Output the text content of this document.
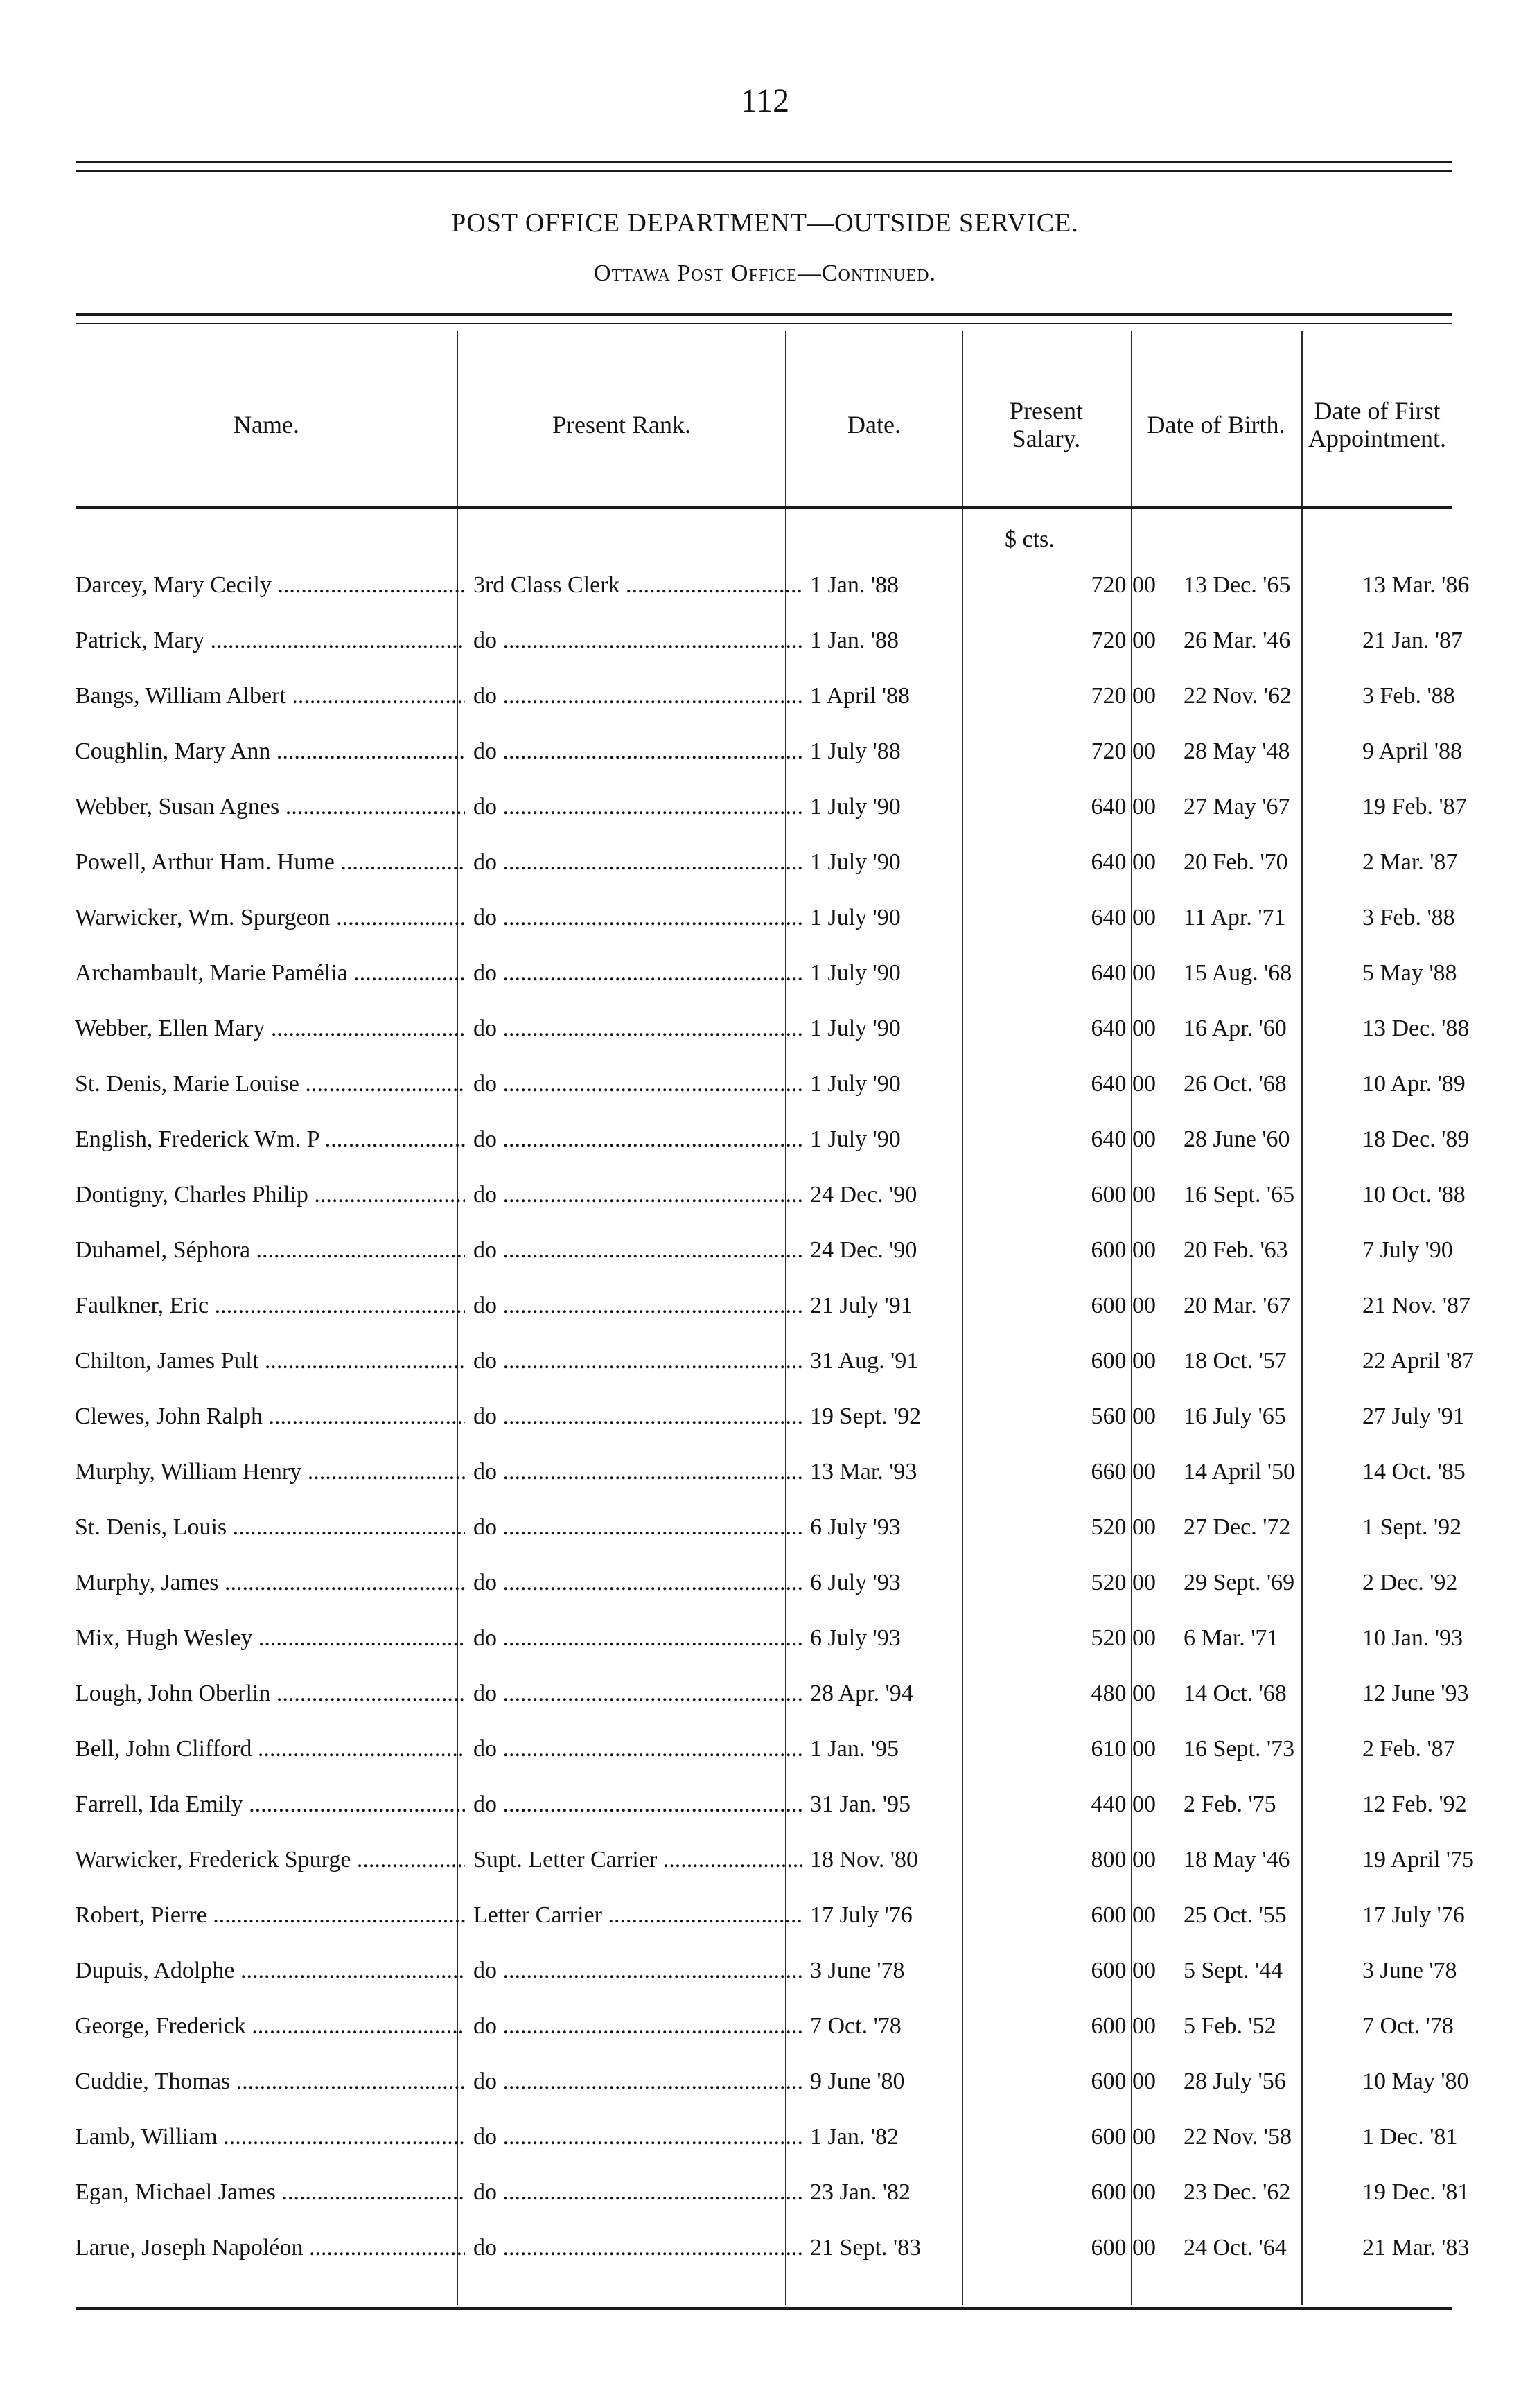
112
POST OFFICE DEPARTMENT—OUTSIDE SERVICE.
Ottawa Post Office—Continued.
Name.	Present Rank.	Date.	Present Salary.	Date of Birth.	Date of First Appointment.
$ cts.
Darcey, Mary Cecily .....	3rd Class Clerk .....	1 Jan. '88	720 00	13 Dec. '65	13 Mar. '86
Patrick, Mary .....	do .....	1 Jan. '88	720 00	26 Mar. '46	21 Jan. '87
Bangs, William Albert .....	do .....	1 April '88	720 00	22 Nov. '62	3 Feb. '88
Coughlin, Mary Ann .....	do .....	1 July '88	720 00	28 May '48	9 April '88
Webber, Susan Agnes .....	do .....	1 July '90	640 00	27 May '67	19 Feb. '87
Powell, Arthur Ham. Hume .....	do .....	1 July '90	640 00	20 Feb. '70	2 Mar. '87
Warwicker, Wm. Spurgeon .....	do .....	1 July '90	640 00	11 Apr. '71	3 Feb. '88
Archambault, Marie Pamélia .....	do .....	1 July '90	640 00	15 Aug. '68	5 May '88
Webber, Ellen Mary .....	do .....	1 July '90	640 00	16 Apr. '60	13 Dec. '88
St. Denis, Marie Louise .....	do .....	1 July '90	640 00	26 Oct. '68	10 Apr. '89
English, Frederick Wm. P .....	do .....	1 July '90	640 00	28 June '60	18 Dec. '89
Dontigny, Charles Philip .....	do .....	24 Dec. '90	600 00	16 Sept. '65	10 Oct. '88
Duhamel, Séphora .....	do .....	24 Dec. '90	600 00	20 Feb. '63	7 July '90
Faulkner, Eric .....	do .....	21 July '91	600 00	20 Mar. '67	21 Nov. '87
Chilton, James Pult .....	do .....	31 Aug. '91	600 00	18 Oct. '57	22 April '87
Clewes, John Ralph .....	do .....	19 Sept. '92	560 00	16 July '65	27 July '91
Murphy, William Henry .....	do .....	13 Mar. '93	660 00	14 April '50	14 Oct. '85
St. Denis, Louis .....	do .....	6 July '93	520 00	27 Dec. '72	1 Sept. '92
Murphy, James .....	do .....	6 July '93	520 00	29 Sept. '69	2 Dec. '92
Mix, Hugh Wesley .....	do .....	6 July '93	520 00	6 Mar. '71	10 Jan. '93
Lough, John Oberlin .....	do .....	28 Apr. '94	480 00	14 Oct. '68	12 June '93
Bell, John Clifford .....	do .....	1 Jan. '95	610 00	16 Sept. '73	2 Feb. '87
Farrell, Ida Emily .....	do .....	31 Jan. '95	440 00	2 Feb. '75	12 Feb. '92
Warwicker, Frederick Spurge .....	Supt. Letter Carrier .....	18 Nov. '80	800 00	18 May '46	19 April '75
Robert, Pierre .....	Letter Carrier .....	17 July '76	600 00	25 Oct. '55	17 July '76
Dupuis, Adolphe .....	do .....	3 June '78	600 00	5 Sept. '44	3 June '78
George, Frederick .....	do .....	7 Oct. '78	600 00	5 Feb. '52	7 Oct. '78
Cuddie, Thomas .....	do .....	9 June '80	600 00	28 July '56	10 May '80
Lamb, William .....	do .....	1 Jan. '82	600 00	22 Nov. '58	1 Dec. '81
Egan, Michael James .....	do .....	23 Jan. '82	600 00	23 Dec. '62	19 Dec. '81
Larue, Joseph Napoléon .....	do .....	21 Sept. '83	600 00	24 Oct. '64	21 Mar. '83
